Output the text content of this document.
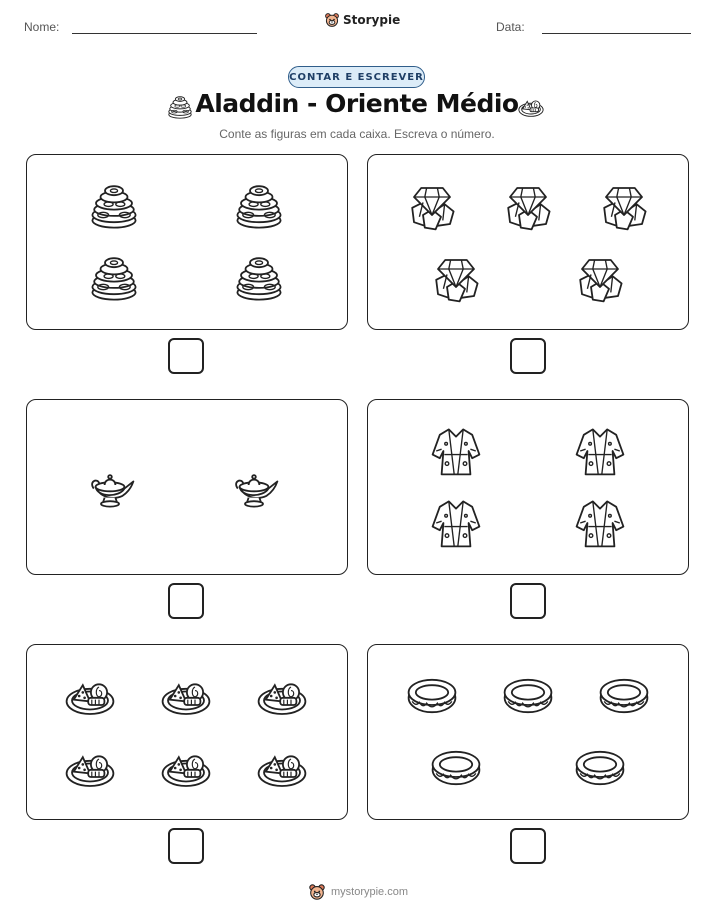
Nome:	Storypie	Data:
CONTAR E ESCREVER
Aladdin - Oriente Médio
Conte as figuras em cada caixa. Escreva o número.
mystorypie.com
